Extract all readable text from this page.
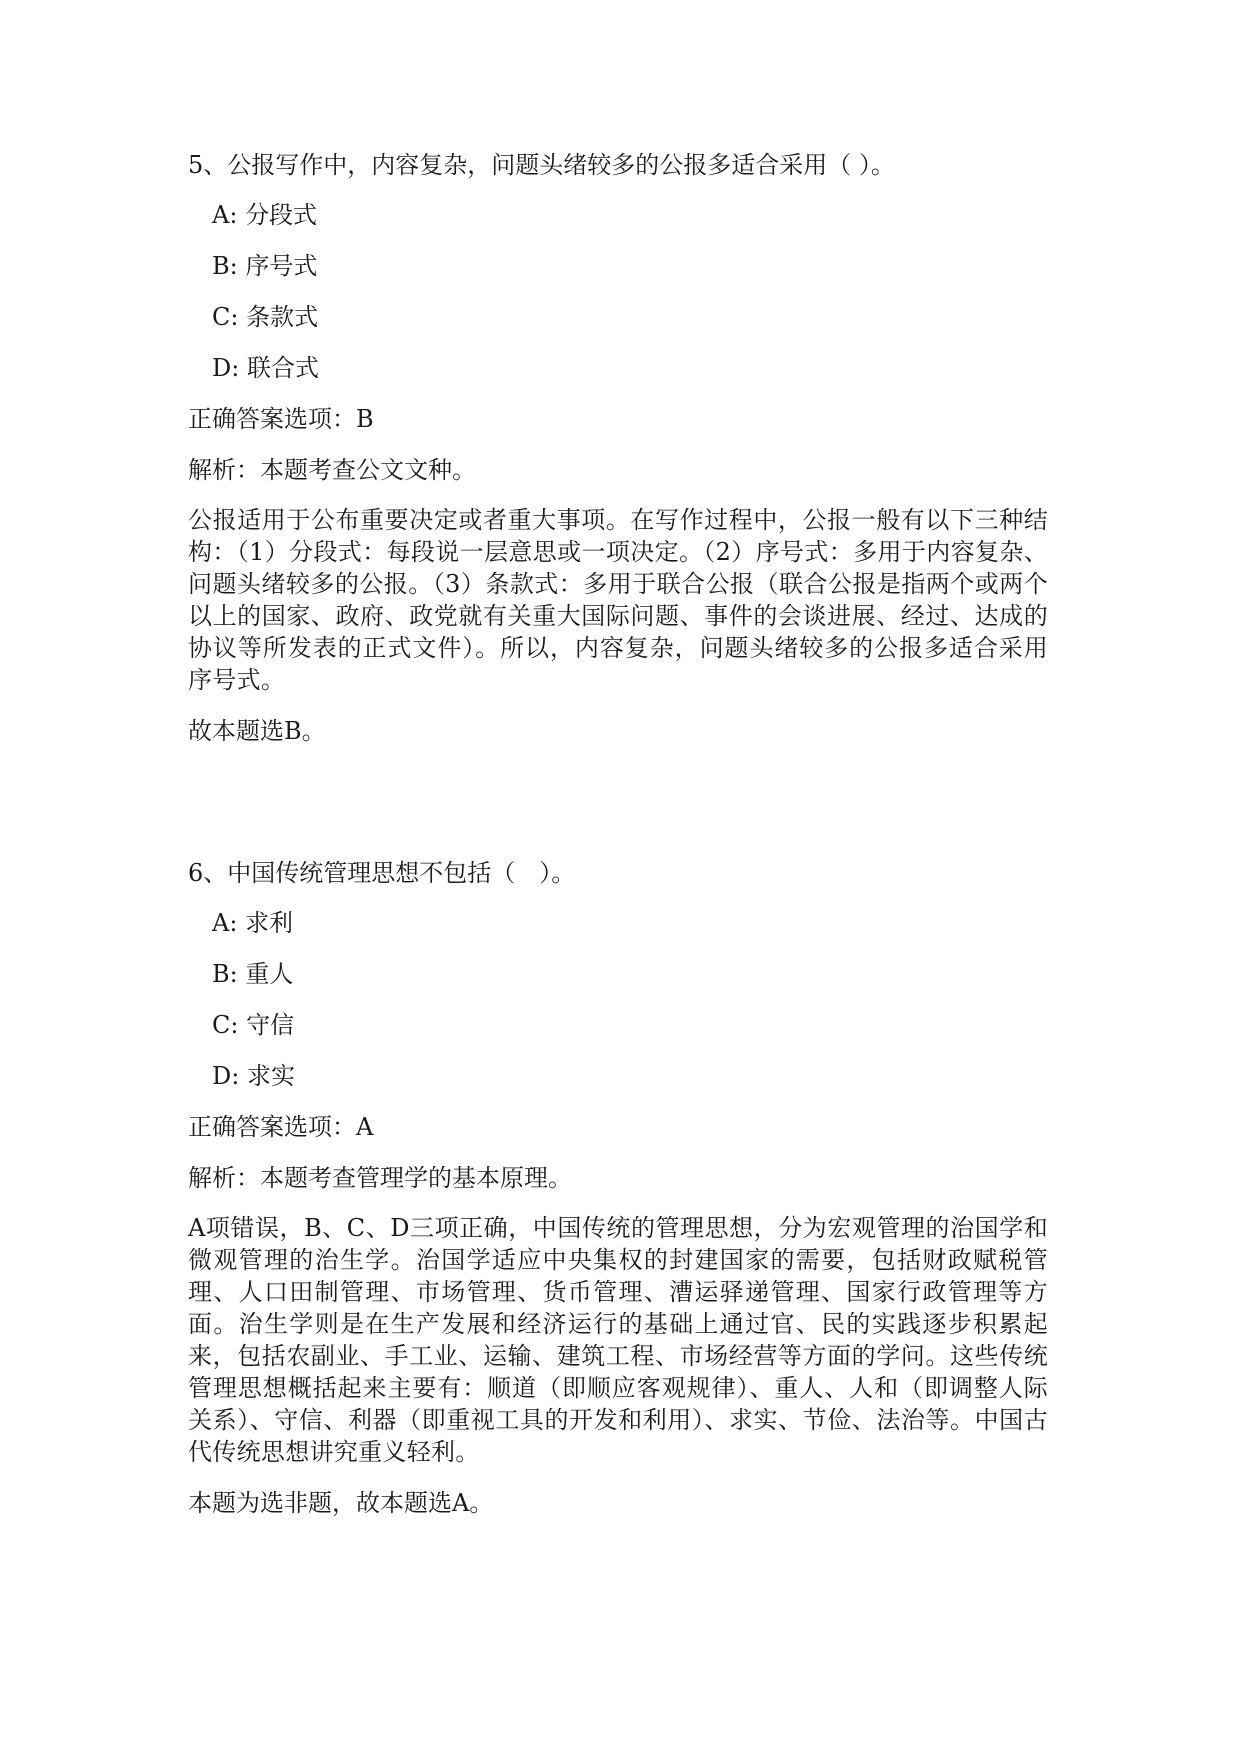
5、公报写作中，内容复杂，问题头绪较多的公报多适合采用（ ）。

A: 分段式

B: 序号式

C: 条款式

D: 联合式

正确答案选项：B

解析：本题考查公文文种。

公报适用于公布重要决定或者重大事项。在写作过程中，公报一般有以下三种结构：（1）分段式：每段说一层意思或一项决定。（2）序号式：多用于内容复杂、问题头绪较多的公报。（3）条款式：多用于联合公报（联合公报是指两个或两个以上的国家、政府、政党就有关重大国际问题、事件的会谈进展、经过、达成的协议等所发表的正式文件）。所以，内容复杂，问题头绪较多的公报多适合采用序号式。

故本题选B。

6、中国传统管理思想不包括（　）。

A: 求利

B: 重人

C: 守信

D: 求实

正确答案选项：A

解析：本题考查管理学的基本原理。

A项错误，B、C、D三项正确，中国传统的管理思想，分为宏观管理的治国学和微观管理的治生学。治国学适应中央集权的封建国家的需要，包括财政赋税管理、人口田制管理、市场管理、货币管理、漕运驿递管理、国家行政管理等方面。治生学则是在生产发展和经济运行的基础上通过官、民的实践逐步积累起来，包括农副业、手工业、运输、建筑工程、市场经营等方面的学问。这些传统管理思想概括起来主要有：顺道（即顺应客观规律）、重人、人和（即调整人际关系）、守信、利器（即重视工具的开发和利用）、求实、节俭、法治等。中国古代传统思想讲究重义轻利。

本题为选非题，故本题选A。
